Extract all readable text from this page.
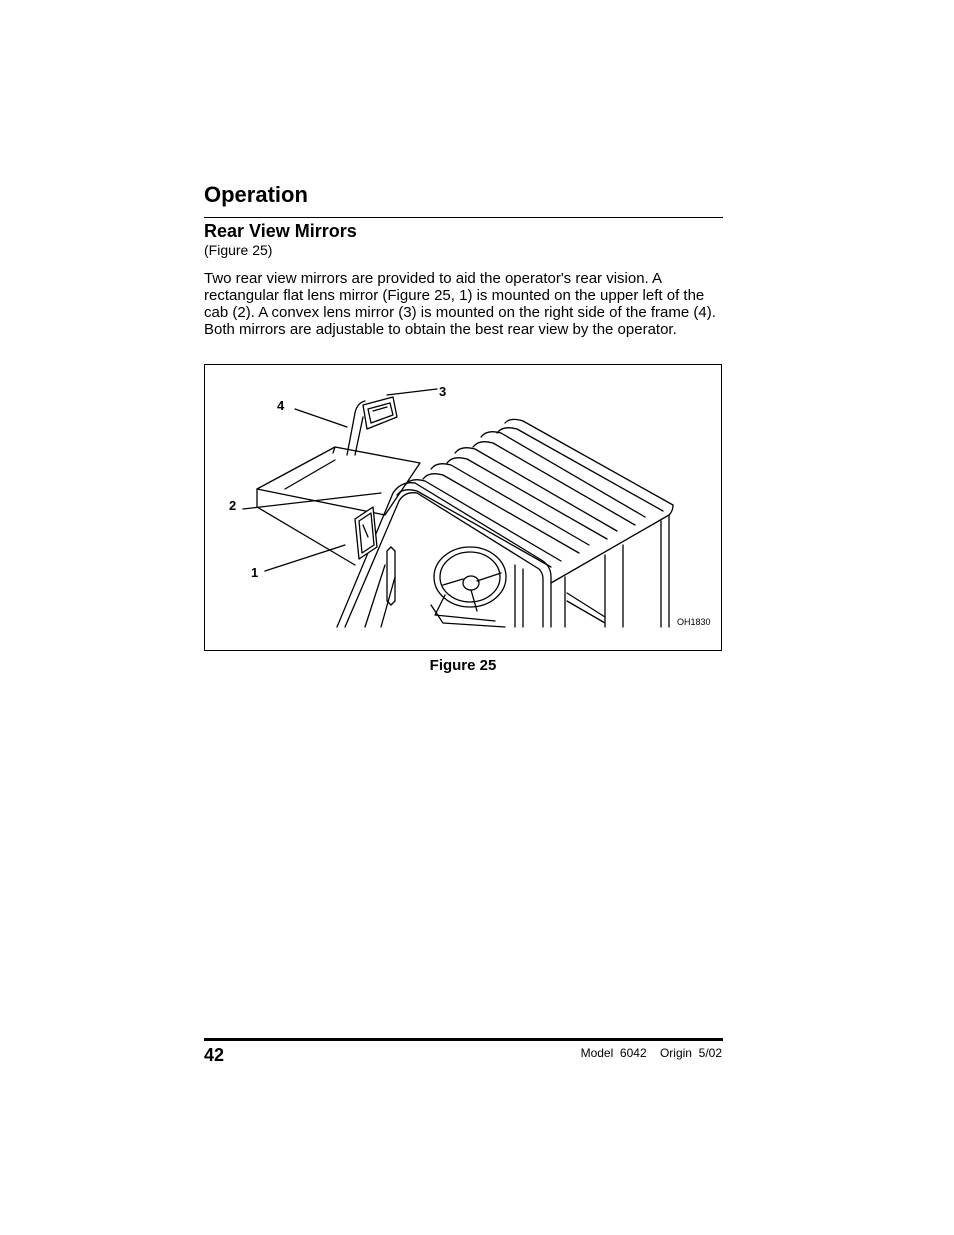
Operation
Rear View Mirrors
(Figure 25)

Two rear view mirrors are provided to aid the operator's rear vision. A rectangular flat lens mirror (Figure 25, 1) is mounted on the upper left of the cab (2). A convex lens mirror (3) is mounted on the right side of the frame (4). Both mirrors are adjustable to obtain the best rear view by the operator.

4
3
2
1
OH1830
Figure 25
42	Model  6042    Origin  5/02
